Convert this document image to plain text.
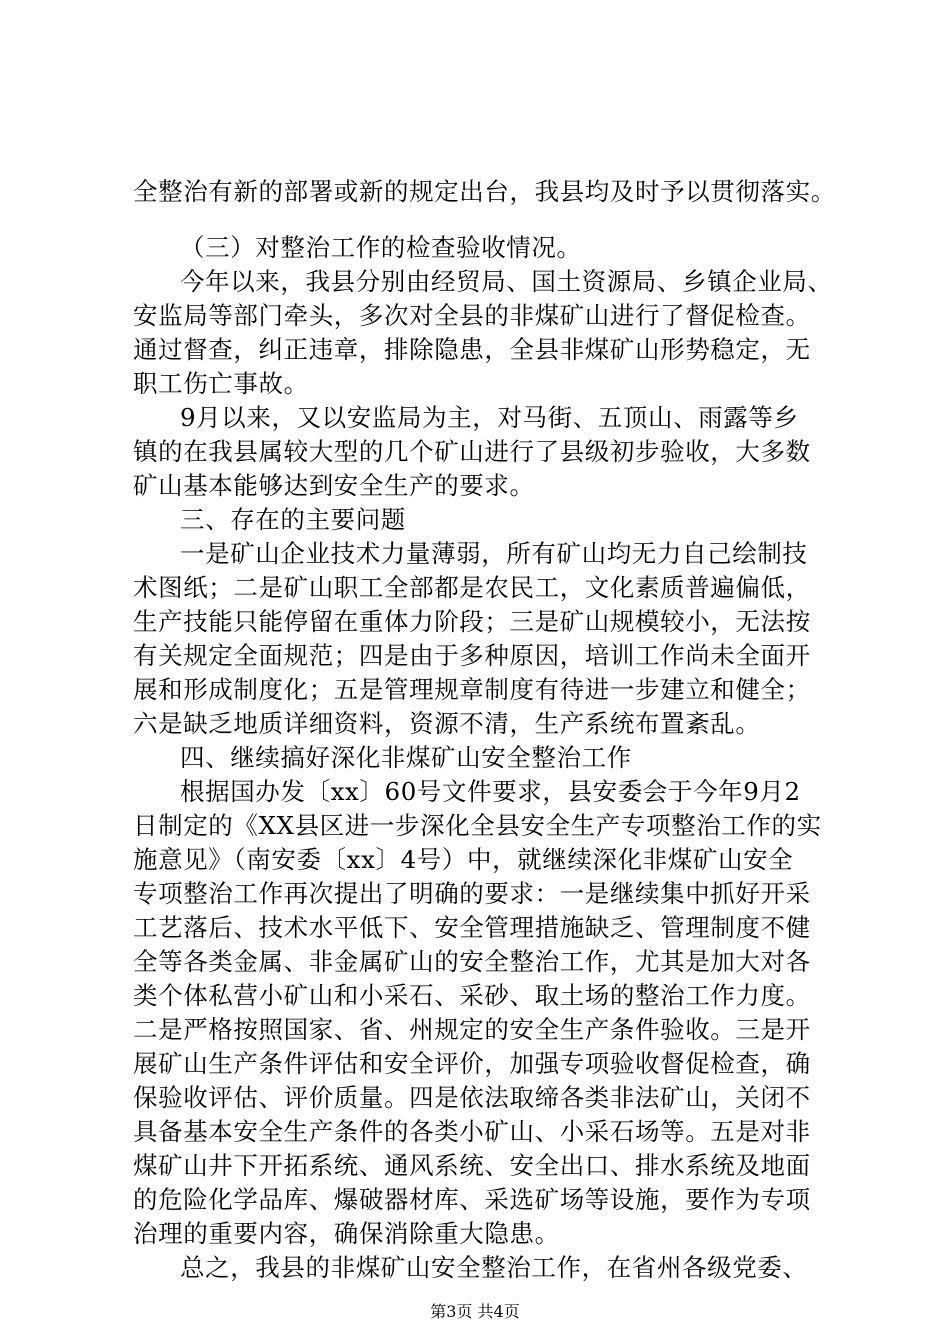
全整治有新的部署或新的规定出台，我县均及时予以贯彻落实。
（三）对整治工作的检查验收情况。
今年以来，我县分别由经贸局、国土资源局、乡镇企业局、
安监局等部门牵头，多次对全县的非煤矿山进行了督促检查。
通过督查，纠正违章，排除隐患，全县非煤矿山形势稳定，无
职工伤亡事故。
9月以来，又以安监局为主，对马街、五顶山、雨露等乡
镇的在我县属较大型的几个矿山进行了县级初步验收，大多数
矿山基本能够达到安全生产的要求。
三、存在的主要问题
一是矿山企业技术力量薄弱，所有矿山均无力自己绘制技
术图纸；二是矿山职工全部都是农民工，文化素质普遍偏低，
生产技能只能停留在重体力阶段；三是矿山规模较小，无法按
有关规定全面规范；四是由于多种原因，培训工作尚未全面开
展和形成制度化；五是管理规章制度有待进一步建立和健全；
六是缺乏地质详细资料，资源不清，生产系统布置紊乱。
四、继续搞好深化非煤矿山安全整治工作
根据国办发〔xx〕60号文件要求，县安委会于今年9月2
日制定的《XX县区进一步深化全县安全生产专项整治工作的实
施意见》（南安委〔xx〕4号）中，就继续深化非煤矿山安全
专项整治工作再次提出了明确的要求：一是继续集中抓好开采
工艺落后、技术水平低下、安全管理措施缺乏、管理制度不健
全等各类金属、非金属矿山的安全整治工作，尤其是加大对各
类个体私营小矿山和小采石、采砂、取土场的整治工作力度。
二是严格按照国家、省、州规定的安全生产条件验收。三是开
展矿山生产条件评估和安全评价，加强专项验收督促检查，确
保验收评估、评价质量。四是依法取缔各类非法矿山，关闭不
具备基本安全生产条件的各类小矿山、小采石场等。五是对非
煤矿山井下开拓系统、通风系统、安全出口、排水系统及地面
的危险化学品库、爆破器材库、采选矿场等设施，要作为专项
治理的重要内容，确保消除重大隐患。
总之，我县的非煤矿山安全整治工作，在省州各级党委、
第3页 共4页
